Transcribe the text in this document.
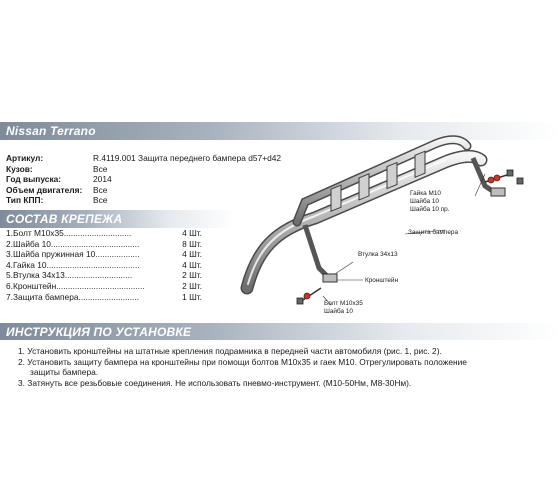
Nissan Terrano
Артикул:	R.4119.001 Защита переднего бампера d57+d42
Кузов:	Все
Год выпуска:	2014
Объем двигателя:	Все
Тип КПП:	Все
СОСТАВ КРЕПЕЖА
1.Болт М10х35.............................	4 Шт.
2.Шайба 10......................................	8 Шт.
3.Шайба пружинная 10...................	4 Шт.
4.Гайка 10........................................	4 Шт.
5.Втулка 34х13.............................	2 Шт.
6.Кронштейн......................................	2 Шт.
7.Защита бампера..........................	1 Шт.
Гайка М10
Шайба 10
Шайба 10 пр.
Защита бампера
Втулка 34х13
Кронштейн
Болт М10х35
Шайба 10
ИНСТРУКЦИЯ ПО УСТАНОВКЕ
1. Установить кронштейны на штатные крепления подрамника в передней части автомобиля (рис. 1, рис. 2).
2. Установить защиту бампера на кронштейны при помощи болтов М10х35 и гаек М10. Отрегулировать положение
защиты бампера.
3. Затянуть все резьбовые соединения. Не использовать пневмо-инструмент. (М10-50Нм, М8-30Нм).
